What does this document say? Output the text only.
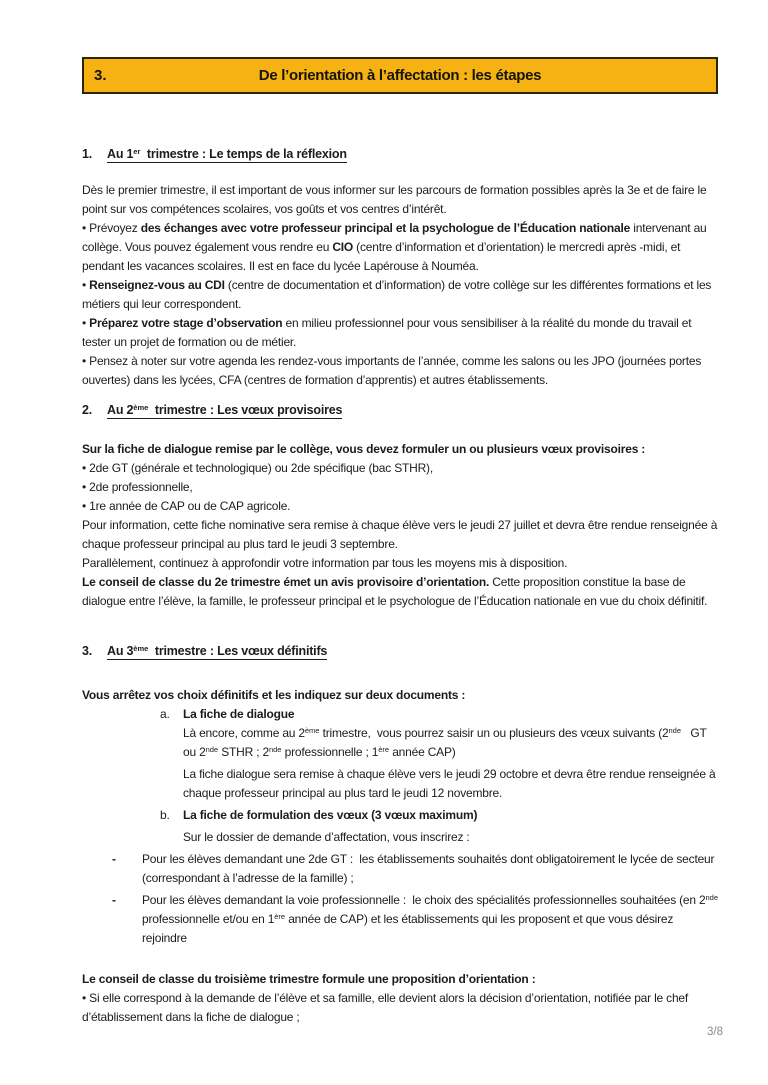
3.	De l’orientation à l’affectation : les étapes
1.	Au 1er  trimestre : Le temps de la réflexion
Dès le premier trimestre, il est important de vous informer sur les parcours de formation possibles après la 3e et de faire le point sur vos compétences scolaires, vos goûts et vos centres d’intérêt.
• Prévoyez des échanges avec votre professeur principal et la psychologue de l’Éducation nationale intervenant au collège. Vous pouvez également vous rendre eu CIO (centre d’information et d’orientation) le mercredi après -midi, et pendant les vacances scolaires. Il est en face du lycée Lapérouse à Nouméa.
• Renseignez-vous au CDI (centre de documentation et d’information) de votre collège sur les différentes formations et les métiers qui leur correspondent.
• Préparez votre stage d’observation en milieu professionnel pour vous sensibiliser à la réalité du monde du travail et tester un projet de formation ou de métier.
• Pensez à noter sur votre agenda les rendez-vous importants de l’année, comme les salons ou les JPO (journées portes ouvertes) dans les lycées, CFA (centres de formation d’apprentis) et autres établissements.
2.	Au 2ème  trimestre : Les vœux provisoires
Sur la fiche de dialogue remise par le collège, vous devez formuler un ou plusieurs vœux provisoires :
• 2de GT (générale et technologique) ou 2de spécifique (bac STHR),
• 2de professionnelle,
• 1re année de CAP ou de CAP agricole.
Pour information, cette fiche nominative sera remise à chaque élève vers le jeudi 27 juillet et devra être rendue renseignée à chaque professeur principal au plus tard le jeudi 3 septembre.
Parallèlement, continuez à approfondir votre information par tous les moyens mis à disposition.
Le conseil de classe du 2e trimestre émet un avis provisoire d’orientation. Cette proposition constitue la base de dialogue entre l’élève, la famille, le professeur principal et le psychologue de l’Éducation nationale en vue du choix définitif.
3.	Au 3ème  trimestre : Les vœux définitifs
Vous arrêtez vos choix définitifs et les indiquez sur deux documents :
a.	La fiche de dialogue
Là encore, comme au 2ème trimestre,  vous pourrez saisir un ou plusieurs des vœux suivants (2nde   GT ou 2nde STHR ; 2nde professionnelle ; 1ère année CAP)
La fiche dialogue sera remise à chaque élève vers le jeudi 29 octobre et devra être rendue renseignée à chaque professeur principal au plus tard le jeudi 12 novembre.
b.	La fiche de formulation des vœux (3 vœux maximum)
Sur le dossier de demande d’affectation, vous inscrirez :
-	Pour les élèves demandant une 2de GT :  les établissements souhaités dont obligatoirement le lycée de secteur (correspondant à l’adresse de la famille) ;
-	Pour les élèves demandant la voie professionnelle :  le choix des spécialités professionnelles souhaitées (en 2nde professionnelle et/ou en 1ère année de CAP) et les établissements qui les proposent et que vous désirez rejoindre
Le conseil de classe du troisième trimestre formule une proposition d’orientation :
• Si elle correspond à la demande de l’élève et sa famille, elle devient alors la décision d’orientation, notifiée par le chef d’établissement dans la fiche de dialogue ;
3/8
